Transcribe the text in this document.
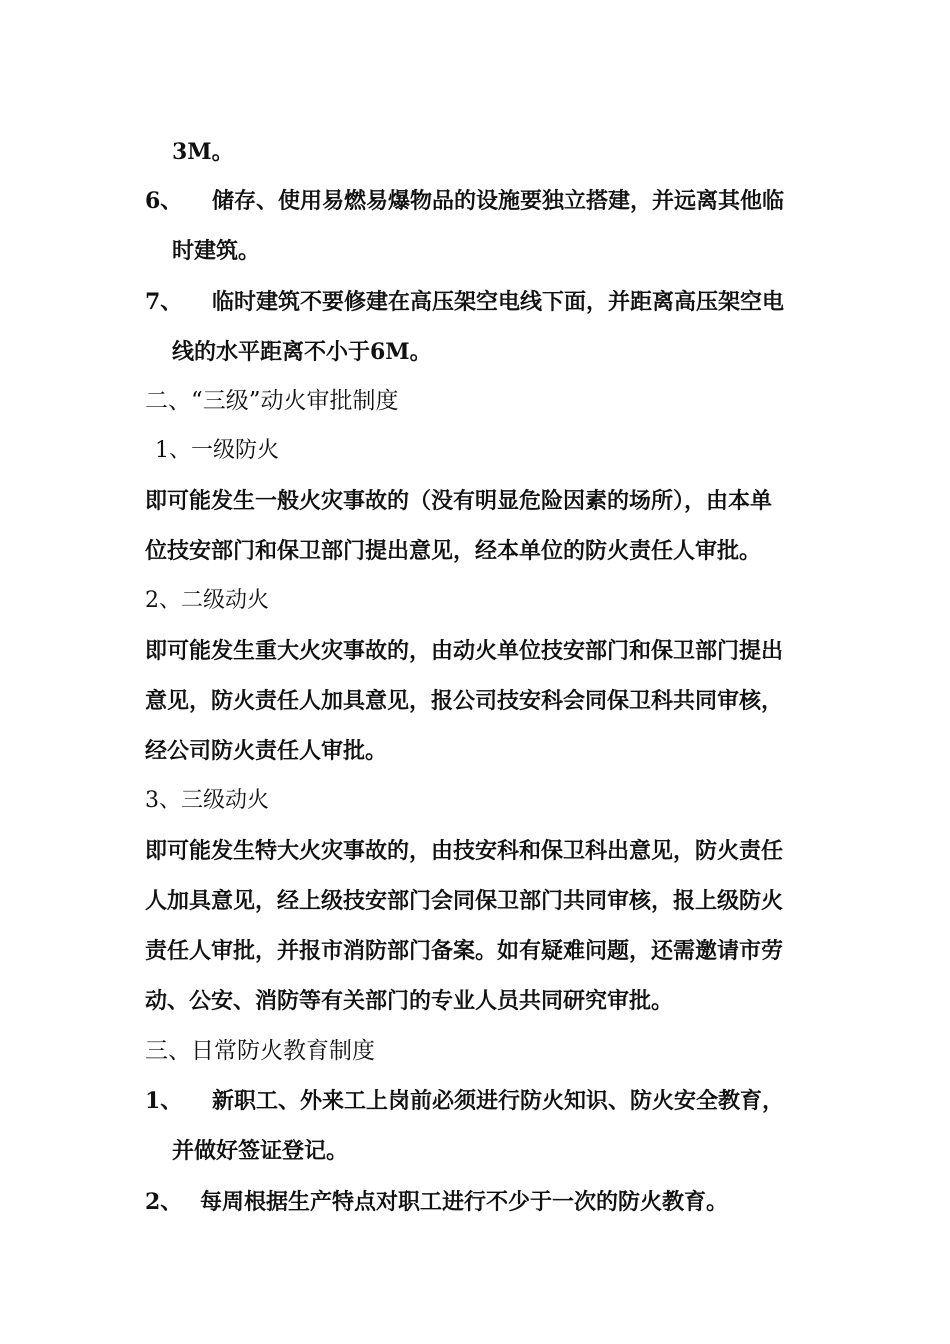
3M。
6、 储存、使用易燃易爆物品的设施要独立搭建，并远离其他临
时建筑。
7、 临时建筑不要修建在高压架空电线下面，并距离高压架空电
线的水平距离不小于6M。
二、“三级”动火审批制度
1、一级防火
即可能发生一般火灾事故的（没有明显危险因素的场所），由本单
位技安部门和保卫部门提出意见，经本单位的防火责任人审批。
2、二级动火
即可能发生重大火灾事故的，由动火单位技安部门和保卫部门提出
意见，防火责任人加具意见，报公司技安科会同保卫科共同审核，
经公司防火责任人审批。
3、三级动火
即可能发生特大火灾事故的，由技安科和保卫科出意见，防火责任
人加具意见，经上级技安部门会同保卫部门共同审核，报上级防火
责任人审批，并报市消防部门备案。如有疑难问题，还需邀请市劳
动、公安、消防等有关部门的专业人员共同研究审批。
三、日常防火教育制度
1、 新职工、外来工上岗前必须进行防火知识、防火安全教育，
并做好签证登记。
2、 每周根据生产特点对职工进行不少于一次的防火教育。
